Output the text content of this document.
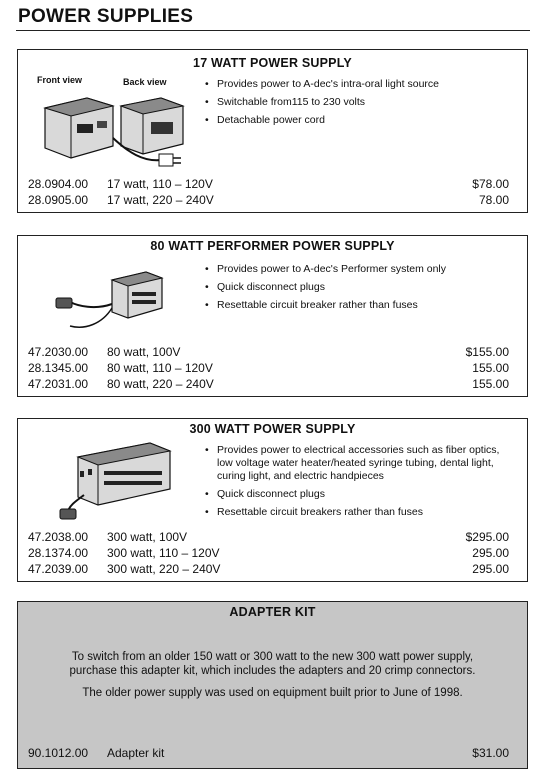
POWER SUPPLIES
17 WATT POWER SUPPLY
Front view	Back view
•	Provides power to A-dec's intra-oral light source
• Switchable from115 to 230 volts
• Detachable power cord
28.0904.00	17 watt, 110 – 120V	$78.00
28.0905.00	17 watt, 220 – 240V	78.00
80 WATT PERFORMER POWER SUPPLY
• Provides power to A-dec's Performer system only
• Quick disconnect plugs
• Resettable circuit breaker rather than fuses
47.2030.00	80 watt, 100V	$155.00
28.1345.00	80 watt, 110 – 120V	155.00
47.2031.00	80 watt, 220 – 240V	155.00
300 WATT POWER SUPPLY
• Provides power to electrical accessories such as fiber optics, low voltage water heater/heated syringe tubing, dental light, curing light, and electric handpieces
• Quick disconnect plugs
• Resettable circuit breakers rather than fuses
47.2038.00	300 watt, 100V	$295.00
28.1374.00	300 watt, 110 – 120V	295.00
47.2039.00	300 watt, 220 – 240V	295.00
ADAPTER KIT
To switch from an older 150 watt or 300 watt to the new 300 watt power supply, purchase this adapter kit, which includes the adapters and 20 crimp connectors.
The older power supply was used on equipment built prior to June of 1998.
90.1012.00	Adapter kit	$31.00
